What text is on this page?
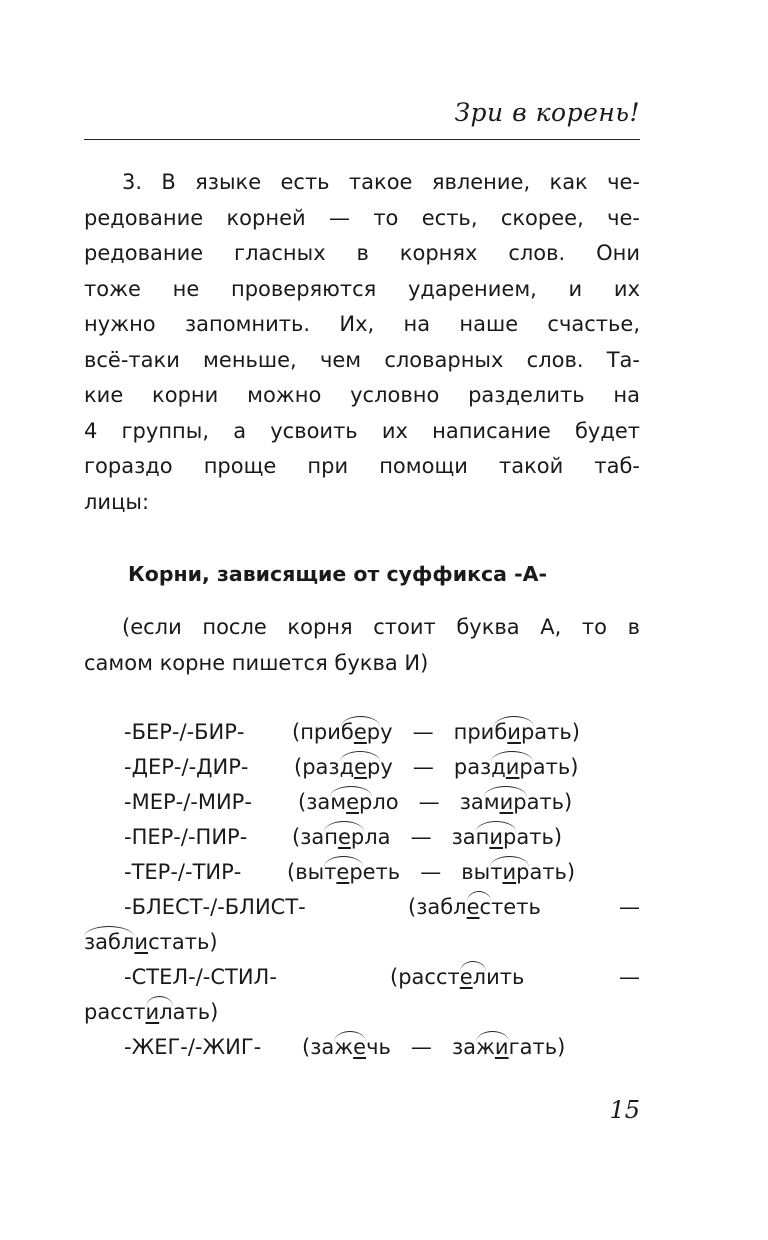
Зри в корень!
3. В языке есть такое явление, как че-
редование корней — то есть, скорее, че-
редование гласных в корнях слов. Они
тоже не проверяются ударением, и их
нужно запомнить. Их, на наше счастье,
всё-таки меньше, чем словарных слов. Та-
кие корни можно условно разделить на
4 группы, а усвоить их написание будет
гораздо проще при помощи такой таб-
лицы:
Корни, зависящие от суффикса -А-
(если после корня стоит буква А, то в
самом корне пишется буква И)
-БЕР-/-БИР- (приберу — прибирать)
-ДЕР-/-ДИР- (раздеру — раздирать)
-МЕР-/-МИР- (замерло — замирать)
-ПЕР-/-ПИР- (заперла — запирать)
-ТЕР-/-ТИР- (вытереть — вытирать)
-БЛЕСТ-/-БЛИСТ-	(заблестеть	—
заблистать)
-СТЕЛ-/-СТИЛ-	(расстелить	—
расстилать)
-ЖЕГ-/-ЖИГ- (зажечь — зажигать)
15
